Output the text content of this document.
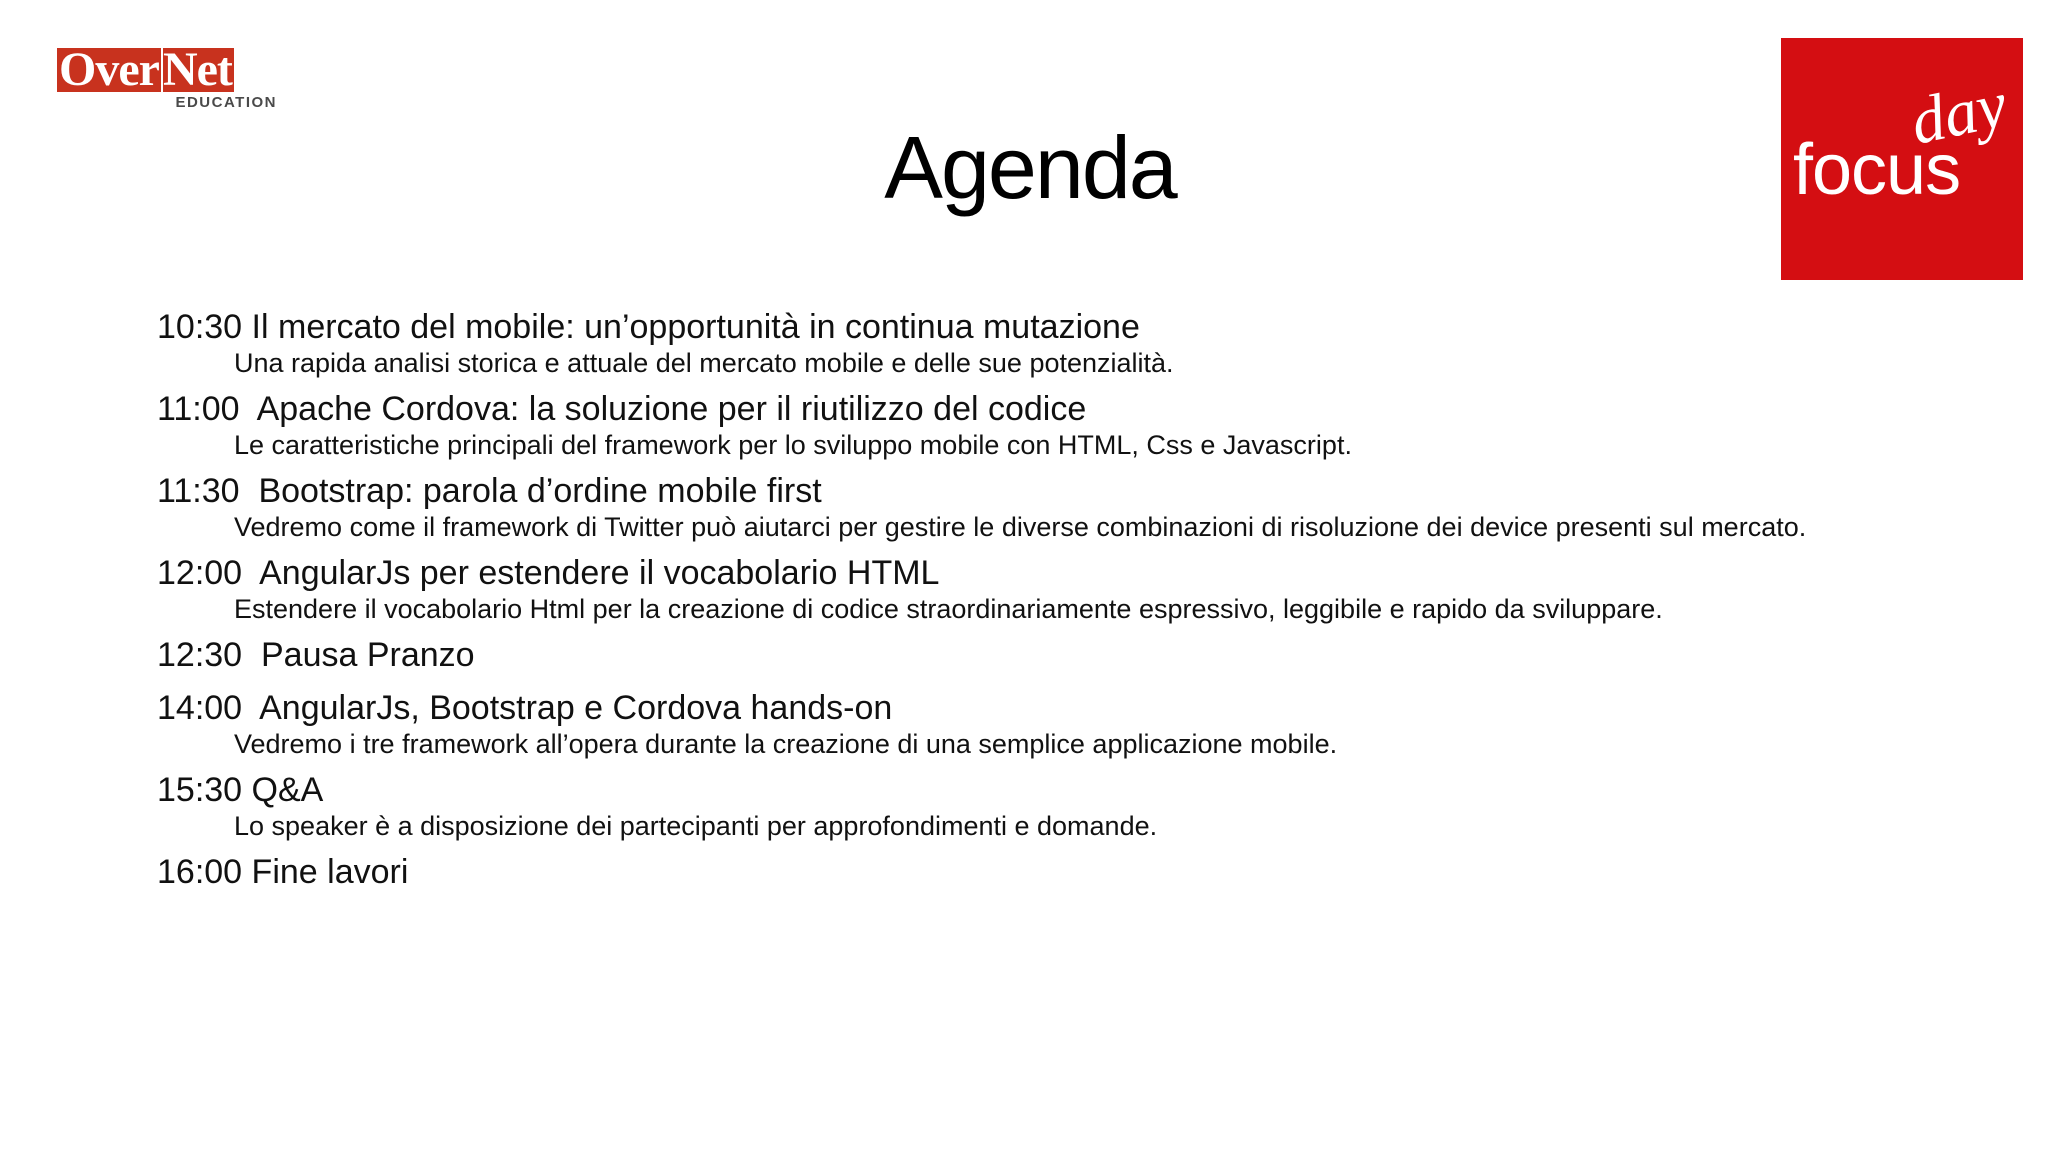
Over Net
EDUCATION
focus
day
Agenda
10:30 Il mercato del mobile: un’opportunità in continua mutazione
Una rapida analisi storica e attuale del mercato mobile e delle sue potenzialità.
11:00 Apache Cordova: la soluzione per il riutilizzo del codice
Le caratteristiche principali del framework per lo sviluppo mobile con HTML, Css e Javascript.
11:30 Bootstrap: parola d’ordine mobile first
Vedremo come il framework di Twitter può aiutarci per gestire le diverse combinazioni di risoluzione dei device presenti sul mercato.
12:00 AngularJs per estendere il vocabolario HTML
Estendere il vocabolario Html per la creazione di codice straordinariamente espressivo, leggibile e rapido da sviluppare.
12:30 Pausa Pranzo
14:00 AngularJs, Bootstrap e Cordova hands-on
Vedremo i tre framework all’opera durante la creazione di una semplice applicazione mobile.
15:30 Q&A
Lo speaker è a disposizione dei partecipanti per approfondimenti e domande.
16:00 Fine lavori
